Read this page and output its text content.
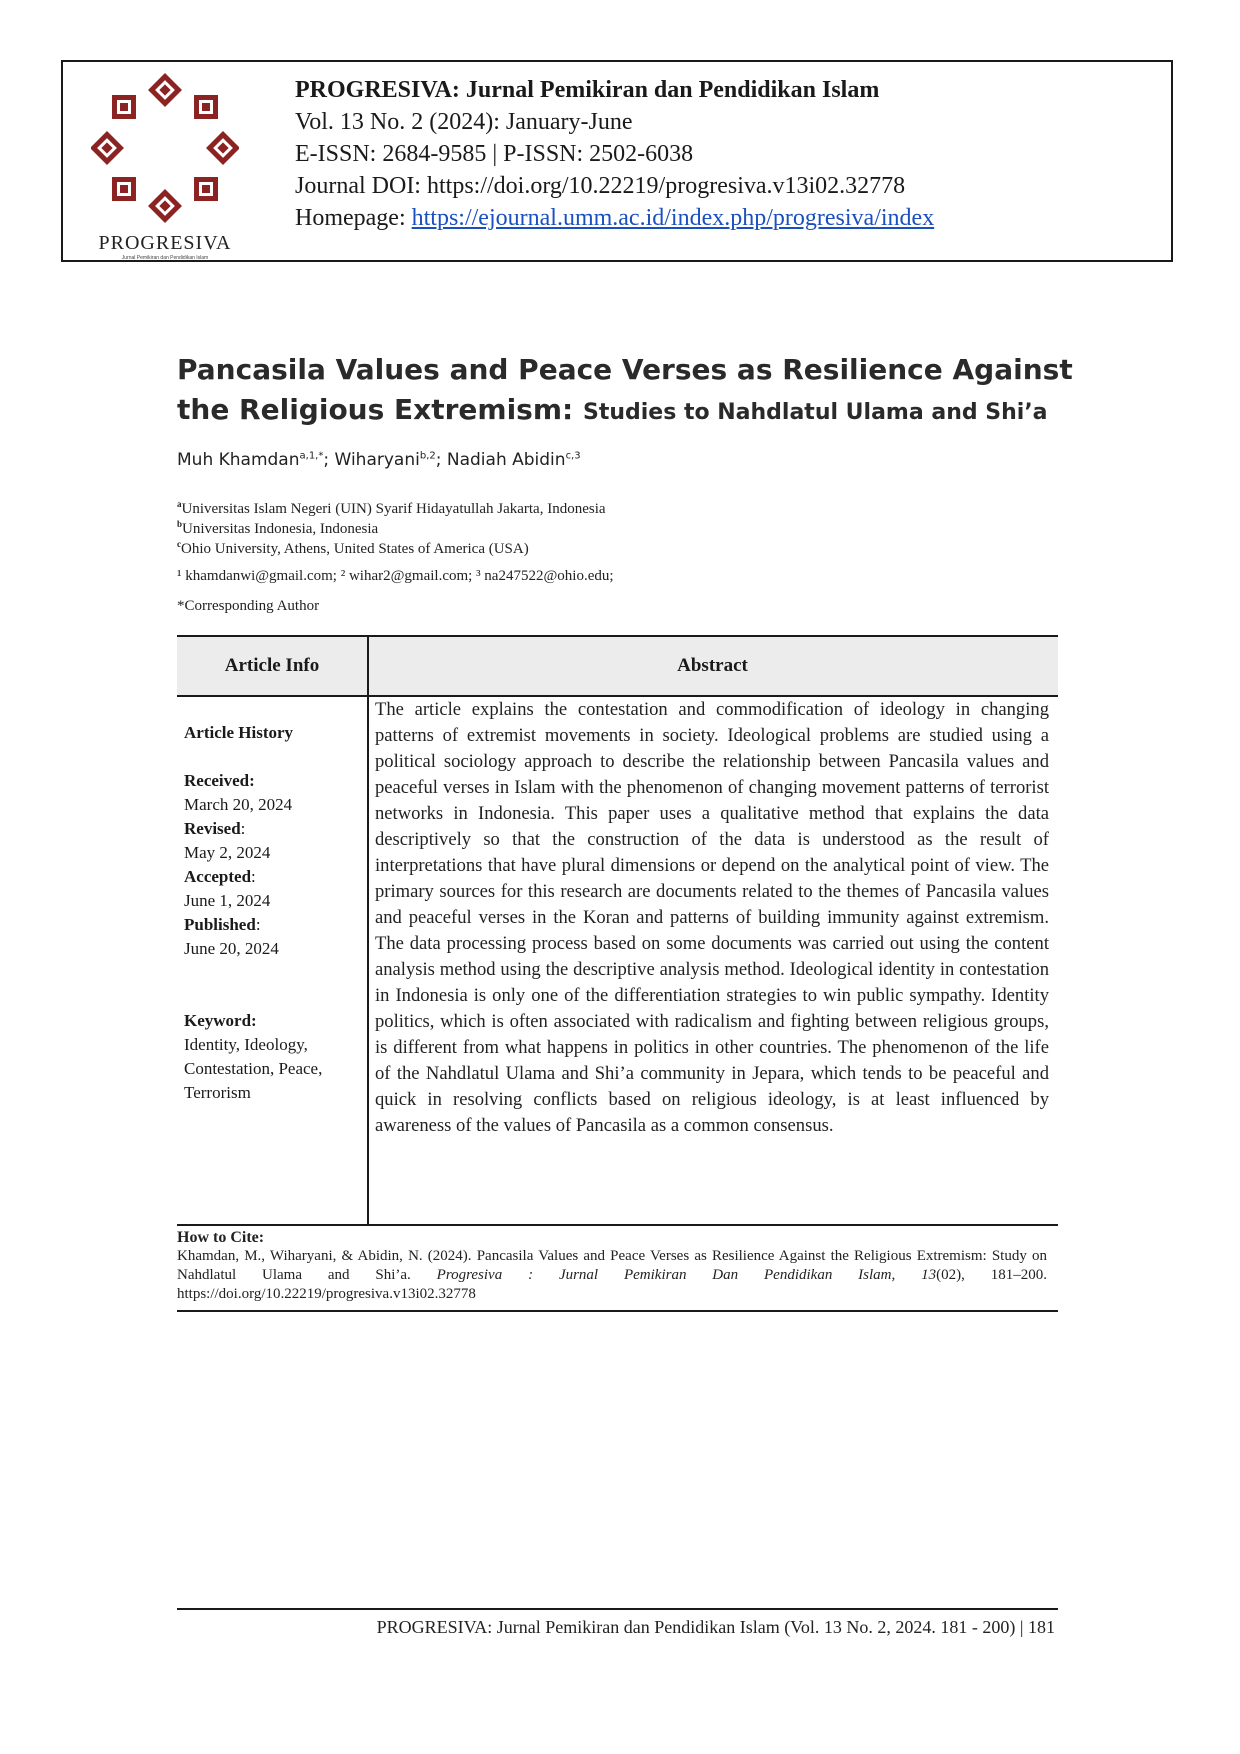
PROGRESIVA
Jurnal Pemikiran dan Pendidikan Islam
PROGRESIVA: Jurnal Pemikiran dan Pendidikan Islam
Vol. 13 No. 2 (2024): January-June
E-ISSN: 2684-9585 | P-ISSN: 2502-6038
Journal DOI: https://doi.org/10.22219/progresiva.v13i02.32778
Homepage: https://ejournal.umm.ac.id/index.php/progresiva/index
Pancasila Values and Peace Verses as Resilience Against the Religious Extremism: Studies to Nahdlatul Ulama and Shi’a
Muh Khamdan$^{a,1,*}$; Wiharyani$^{b,2}$; Nadiah Abidin$^{c,3}$
$^a$Universitas Islam Negeri (UIN) Syarif Hidayatullah Jakarta, Indonesia
$^b$Universitas Indonesia, Indonesia
$^c$Ohio University, Athens, United States of America (USA)
¹ khamdanwi@gmail.com; ² wihar2@gmail.com; ³ na247522@ohio.edu;
*Corresponding Author
Article Info	Abstract
Article History
Received:
March 20, 2024
Revised:
May 2, 2024
Accepted:
June 1, 2024
Published:
June 20, 2024
Keyword:
Identity, Ideology, Contestation, Peace, Terrorism
The article explains the contestation and commodification of ideology in changing patterns of extremist movements in society. Ideological problems are studied using a political sociology approach to describe the relationship between Pancasila values and peaceful verses in Islam with the phenomenon of changing movement patterns of terrorist networks in Indonesia. This paper uses a qualitative method that explains the data descriptively so that the construction of the data is understood as the result of interpretations that have plural dimensions or depend on the analytical point of view. The primary sources for this research are documents related to the themes of Pancasila values and peaceful verses in the Koran and patterns of building immunity against extremism. The data processing process based on some documents was carried out using the content analysis method using the descriptive analysis method. Ideological identity in contestation in Indonesia is only one of the differentiation strategies to win public sympathy. Identity politics, which is often associated with radicalism and fighting between religious groups, is different from what happens in politics in other countries. The phenomenon of the life of the Nahdlatul Ulama and Shi’a community in Jepara, which tends to be peaceful and quick in resolving conflicts based on religious ideology, is at least influenced by awareness of the values of Pancasila as a common consensus.
How to Cite:
Khamdan, M., Wiharyani, & Abidin, N. (2024). Pancasila Values and Peace Verses as Resilience Against the Religious Extremism: Study on Nahdlatul Ulama and Shi’a. Progresiva : Jurnal Pemikiran Dan Pendidikan Islam, 13(02), 181–200. https://doi.org/10.22219/progresiva.v13i02.32778
PROGRESIVA: Jurnal Pemikiran dan Pendidikan Islam (Vol. 13 No. 2, 2024. 181 - 200) | 181
